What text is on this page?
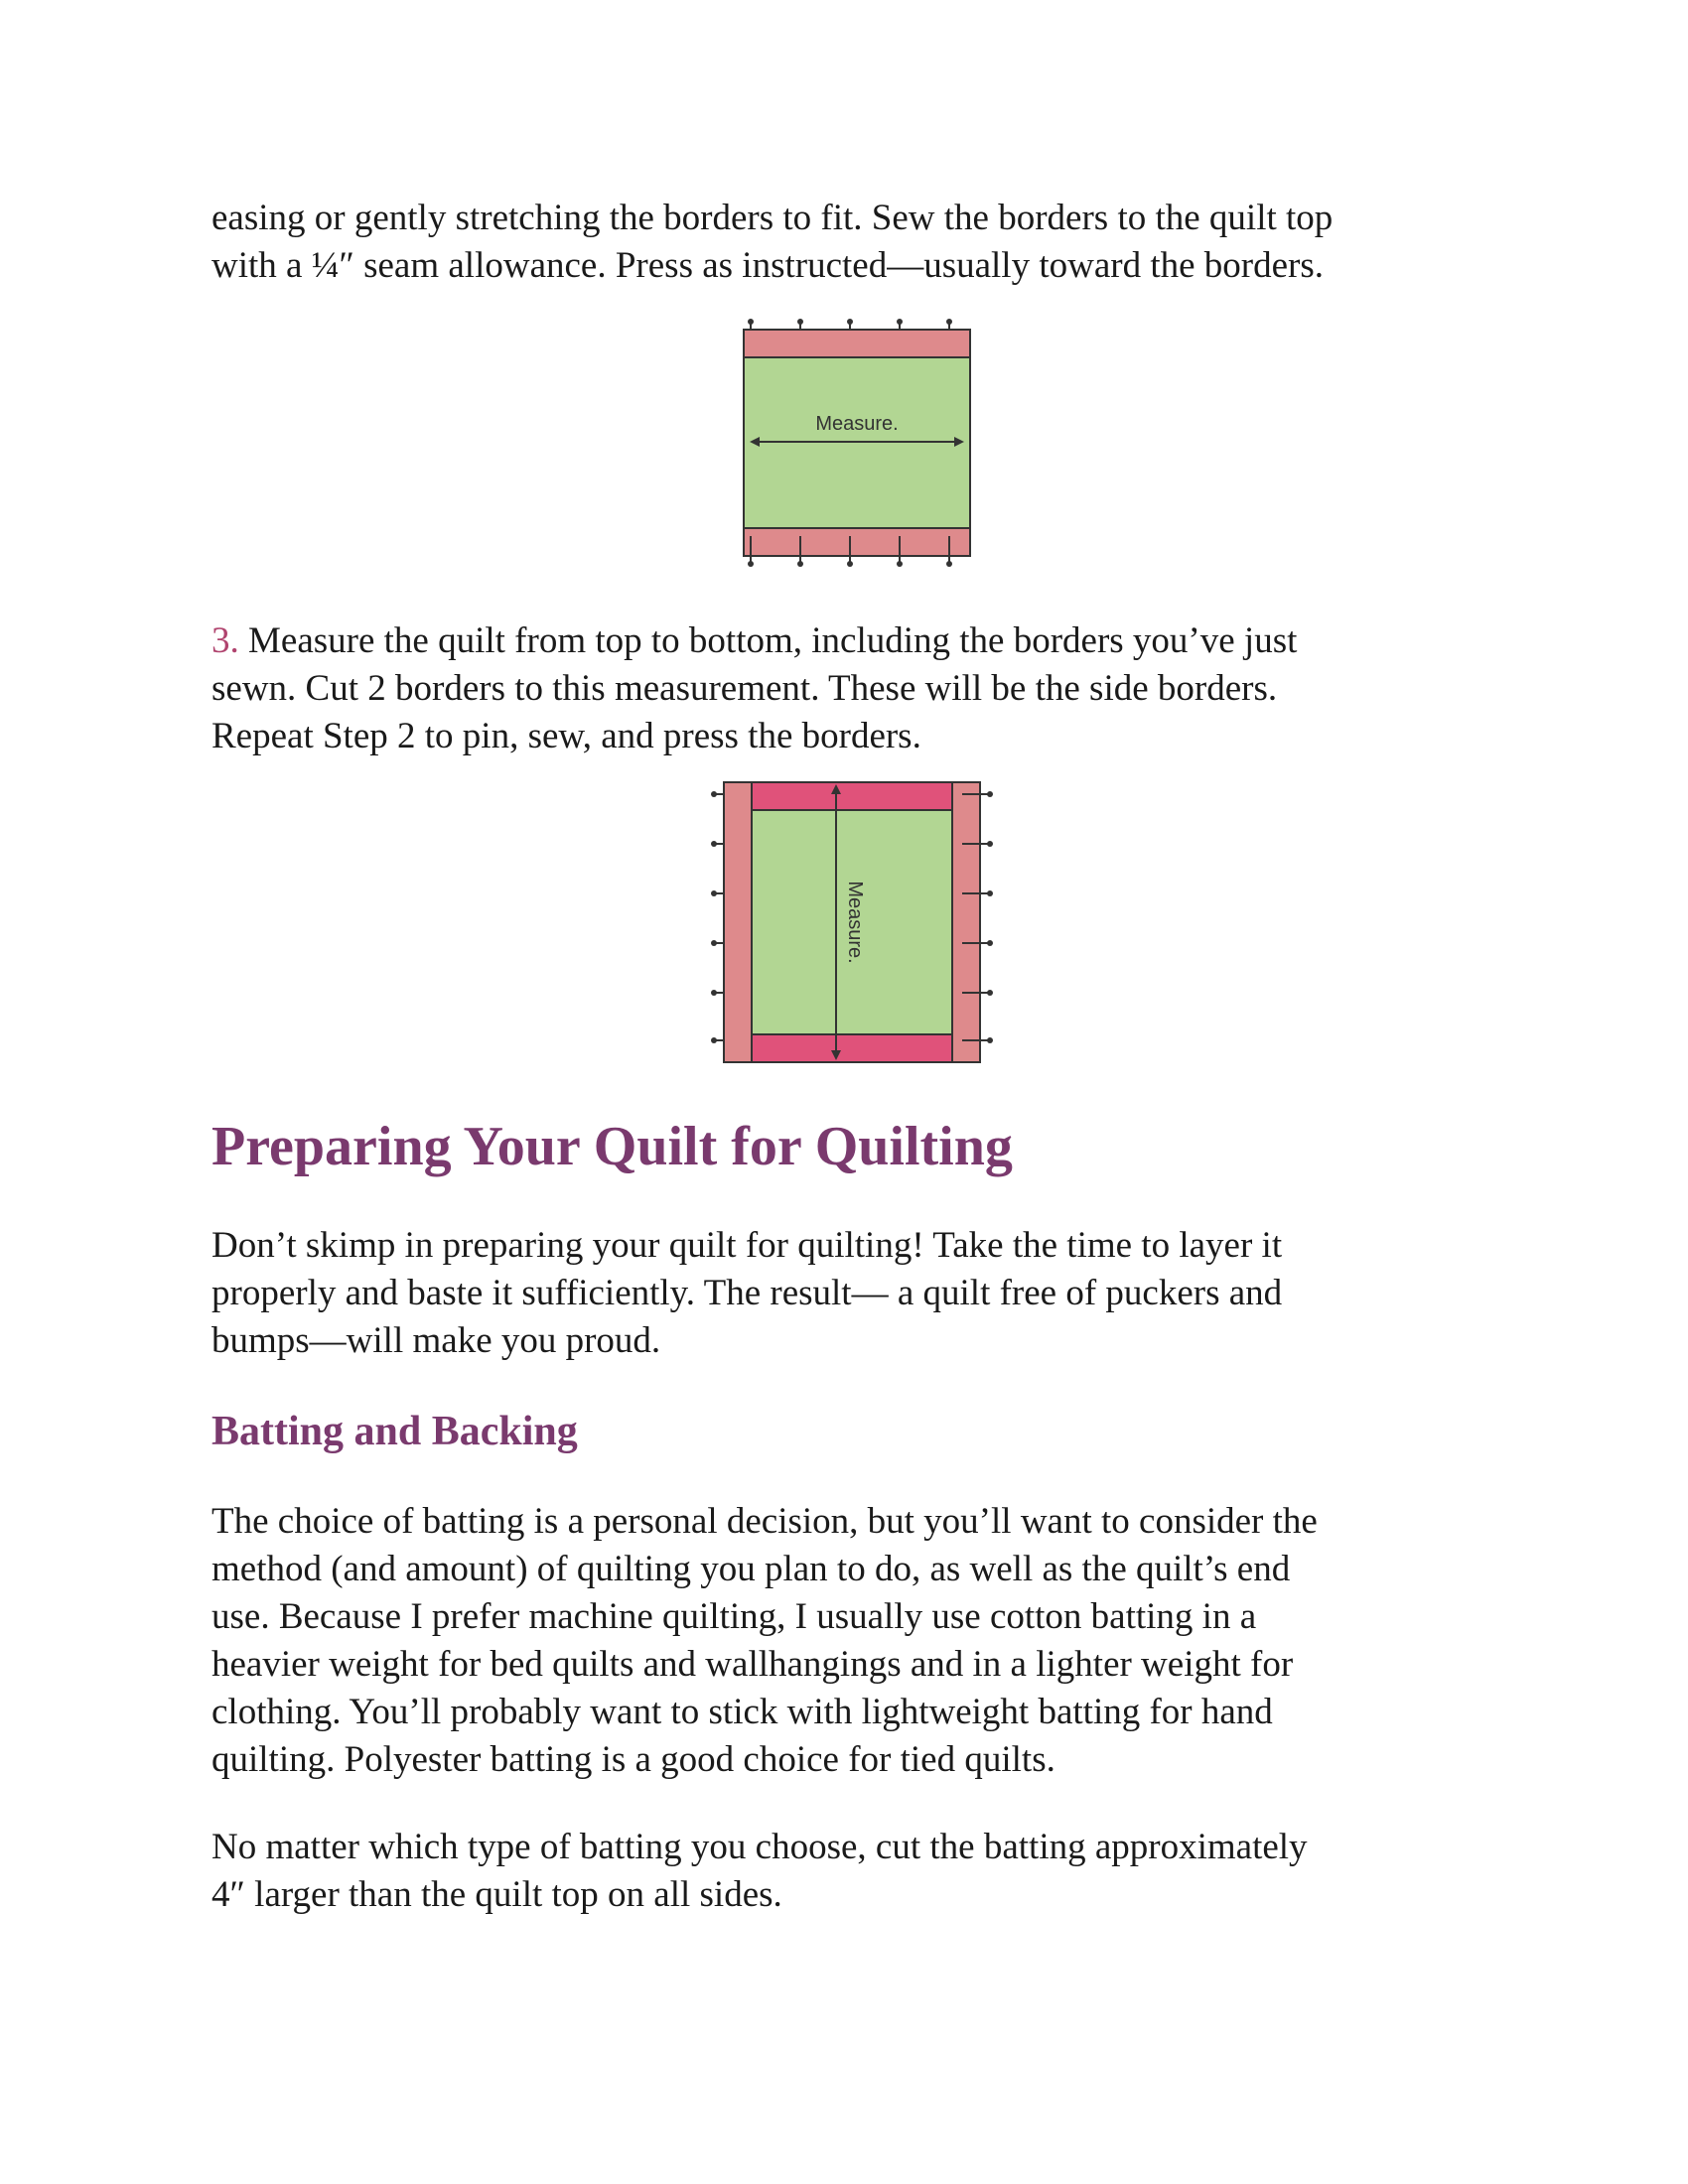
easing or gently stretching the borders to fit. Sew the borders to the quilt top
with a ¼″ seam allowance. Press as instructed—usually toward the borders.

Measure.

3. Measure the quilt from top to bottom, including the borders you’ve just
sewn. Cut 2 borders to this measurement. These will be the side borders.
Repeat Step 2 to pin, sew, and press the borders.

Measure.
Preparing Your Quilt for Quilting

Don’t skimp in preparing your quilt for quilting! Take the time to layer it
properly and baste it sufficiently. The result— a quilt free of puckers and
bumps—will make you proud.

Batting and Backing

The choice of batting is a personal decision, but you’ll want to consider the
method (and amount) of quilting you plan to do, as well as the quilt’s end
use. Because I prefer machine quilting, I usually use cotton batting in a
heavier weight for bed quilts and wallhangings and in a lighter weight for
clothing. You’ll probably want to stick with lightweight batting for hand
quilting. Polyester batting is a good choice for tied quilts.

No matter which type of batting you choose, cut the batting approximately
4″ larger than the quilt top on all sides.
